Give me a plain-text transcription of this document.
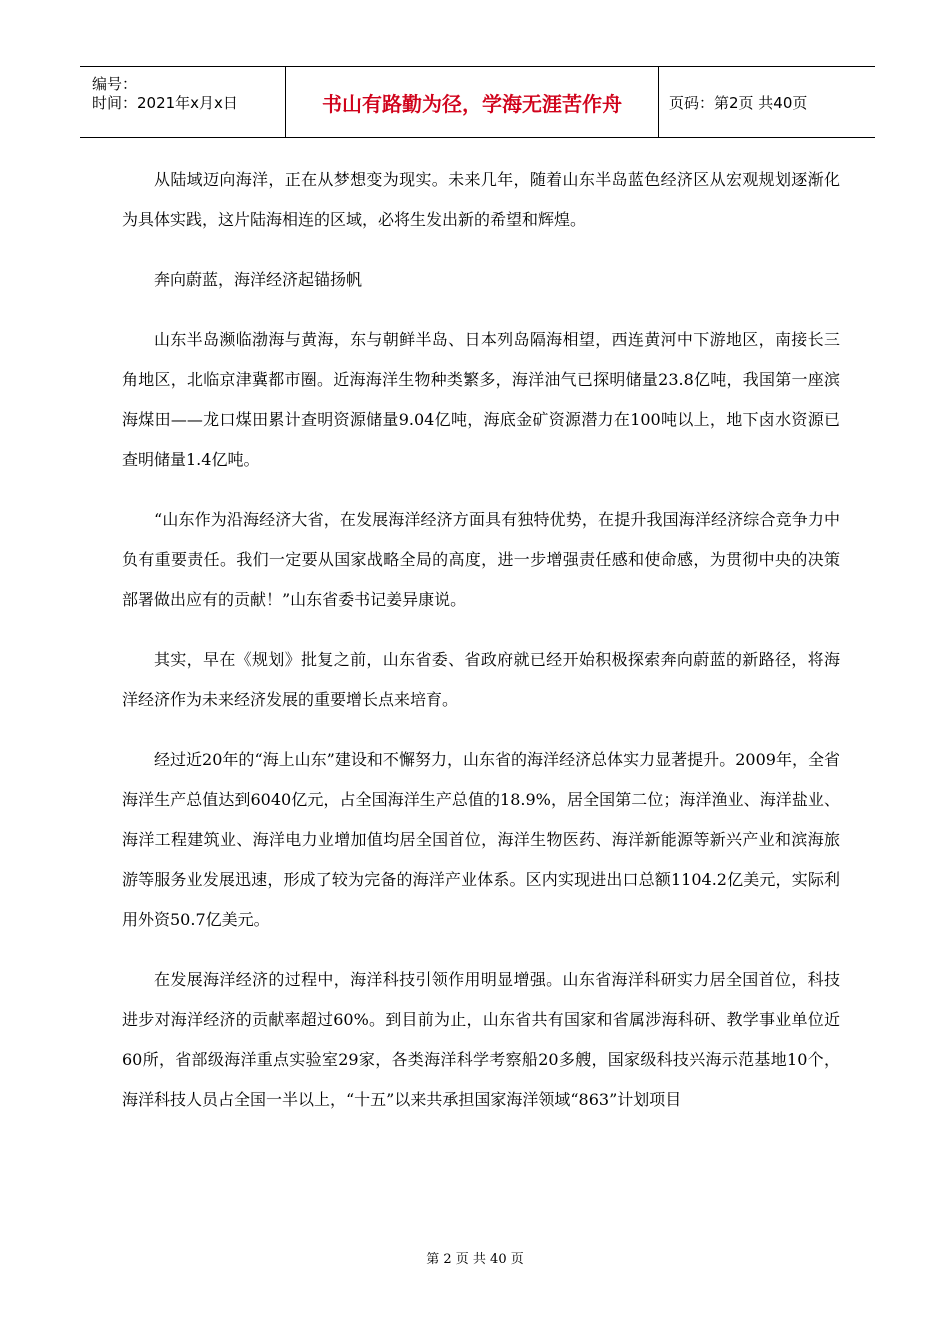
编号：
时间：2021年x月x日	书山有路勤为径，学海无涯苦作舟	页码：第2页 共40页

从陆域迈向海洋，正在从梦想变为现实。未来几年，随着山东半岛蓝色经济区从宏观规划逐渐化为具体实践，这片陆海相连的区域，必将生发出新的希望和辉煌。

奔向蔚蓝，海洋经济起锚扬帆

山东半岛濒临渤海与黄海，东与朝鲜半岛、日本列岛隔海相望，西连黄河中下游地区，南接长三角地区，北临京津冀都市圈。近海海洋生物种类繁多，海洋油气已探明储量23.8亿吨，我国第一座滨海煤田——龙口煤田累计查明资源储量9.04亿吨，海底金矿资源潜力在100吨以上，地下卤水资源已查明储量1.4亿吨。

“山东作为沿海经济大省，在发展海洋经济方面具有独特优势，在提升我国海洋经济综合竞争力中负有重要责任。我们一定要从国家战略全局的高度，进一步增强责任感和使命感，为贯彻中央的决策部署做出应有的贡献！”山东省委书记姜异康说。

其实，早在《规划》批复之前，山东省委、省政府就已经开始积极探索奔向蔚蓝的新路径，将海洋经济作为未来经济发展的重要增长点来培育。

经过近20年的“海上山东”建设和不懈努力，山东省的海洋经济总体实力显著提升。2009年，全省海洋生产总值达到6040亿元，占全国海洋生产总值的18.9%，居全国第二位；海洋渔业、海洋盐业、海洋工程建筑业、海洋电力业增加值均居全国首位，海洋生物医药、海洋新能源等新兴产业和滨海旅游等服务业发展迅速，形成了较为完备的海洋产业体系。区内实现进出口总额1104.2亿美元，实际利用外资50.7亿美元。

在发展海洋经济的过程中，海洋科技引领作用明显增强。山东省海洋科研实力居全国首位，科技进步对海洋经济的贡献率超过60%。到目前为止，山东省共有国家和省属涉海科研、教学事业单位近60所，省部级海洋重点实验室29家，各类海洋科学考察船20多艘，国家级科技兴海示范基地10个，海洋科技人员占全国一半以上，“十五”以来共承担国家海洋领域“863”计划项目

第 2 页 共 40 页
